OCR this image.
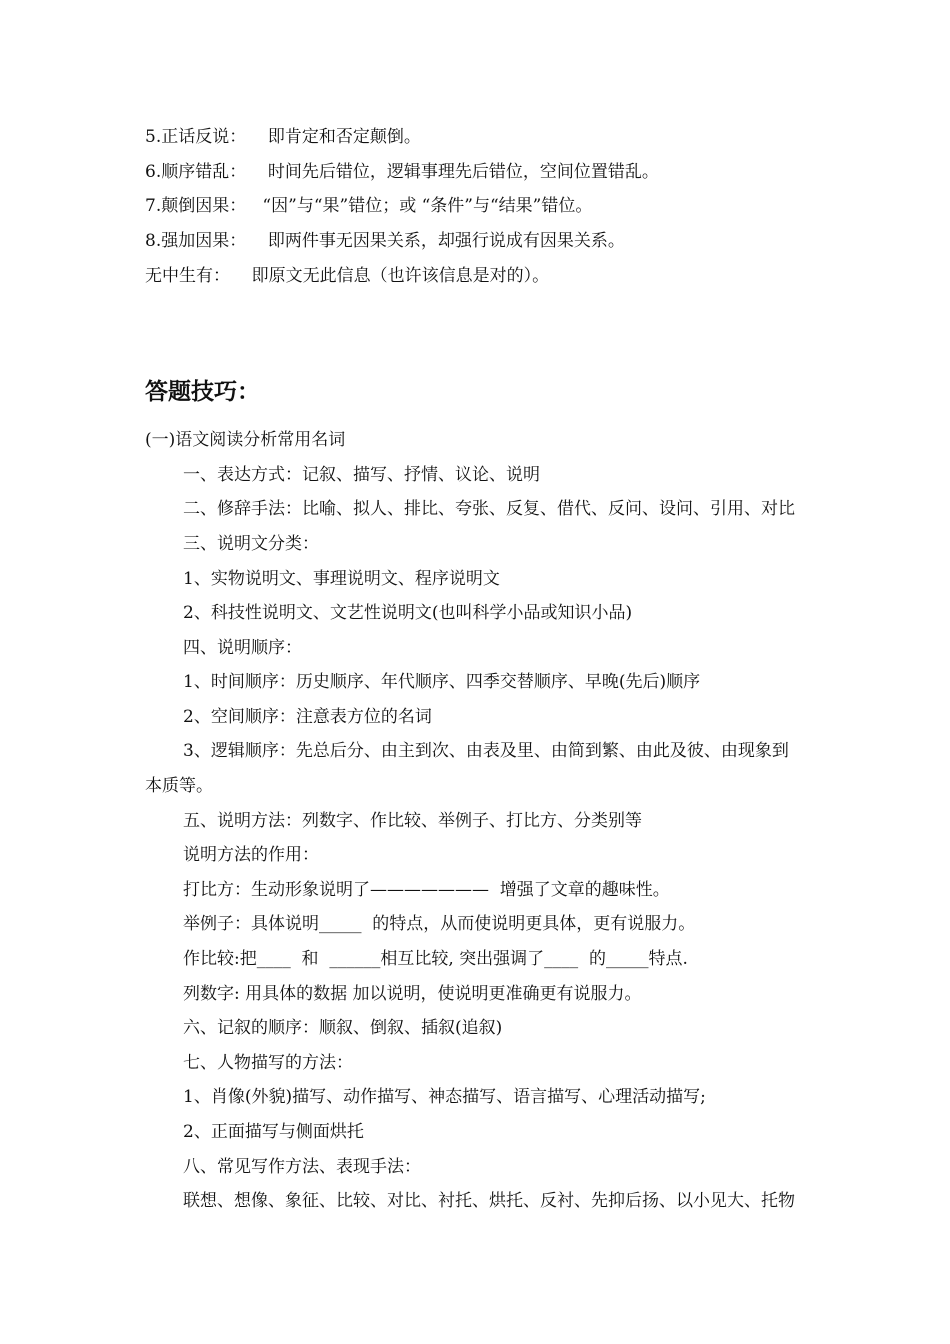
5.正话反说：    即肯定和否定颠倒。
6.顺序错乱：    时间先后错位，逻辑事理先后错位，空间位置错乱。
7.颠倒因果：   “因”与“果”错位；或 “条件”与“结果”错位。
8.强加因果：    即两件事无因果关系，却强行说成有因果关系。
无中生有：    即原文无此信息（也许该信息是对的）。
答题技巧：
(一)语文阅读分析常用名词
一、表达方式：记叙、描写、抒情、议论、说明
二、修辞手法：比喻、拟人、排比、夸张、反复、借代、反问、设问、引用、对比
三、说明文分类：
1、实物说明文、事理说明文、程序说明文
2、科技性说明文、文艺性说明文(也叫科学小品或知识小品)
四、说明顺序：
1、时间顺序：历史顺序、年代顺序、四季交替顺序、早晚(先后)顺序
2、空间顺序：注意表方位的名词
3、逻辑顺序：先总后分、由主到次、由表及里、由简到繁、由此及彼、由现象到
本质等。
五、说明方法：列数字、作比较、举例子、打比方、分类别等
说明方法的作用：
打比方：生动形象说明了———————  增强了文章的趣味性。
举例子：具体说明_____  的特点，从而使说明更具体，更有说服力。
作比较:把____  和  ______相互比较, 突出强调了____  的_____特点.
列数字: 用具体的数据 加以说明，使说明更准确更有说服力。
六、记叙的顺序：顺叙、倒叙、插叙(追叙)
七、人物描写的方法：
1、肖像(外貌)描写、动作描写、神态描写、语言描写、心理活动描写;
2、正面描写与侧面烘托
八、常见写作方法、表现手法：
联想、想像、象征、比较、对比、衬托、烘托、反衬、先抑后扬、以小见大、托物
